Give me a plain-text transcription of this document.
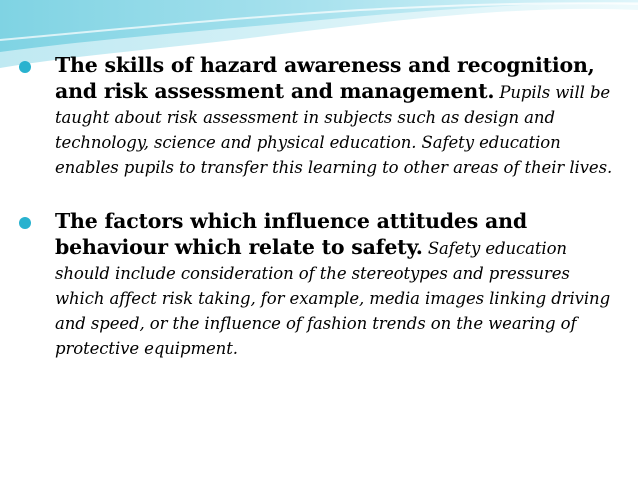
The skills of hazard awareness and recognition, and risk assessment and management. Pupils will be taught about risk assessment in subjects such as design and technology, science and physical education. Safety education enables pupils to transfer this learning to other areas of their lives.

The factors which influence attitudes and behaviour which relate to safety. Safety education should include consideration of the stereotypes and pressures which affect risk taking, for example, media images linking driving and speed, or the influence of fashion trends on the wearing of protective equipment.
